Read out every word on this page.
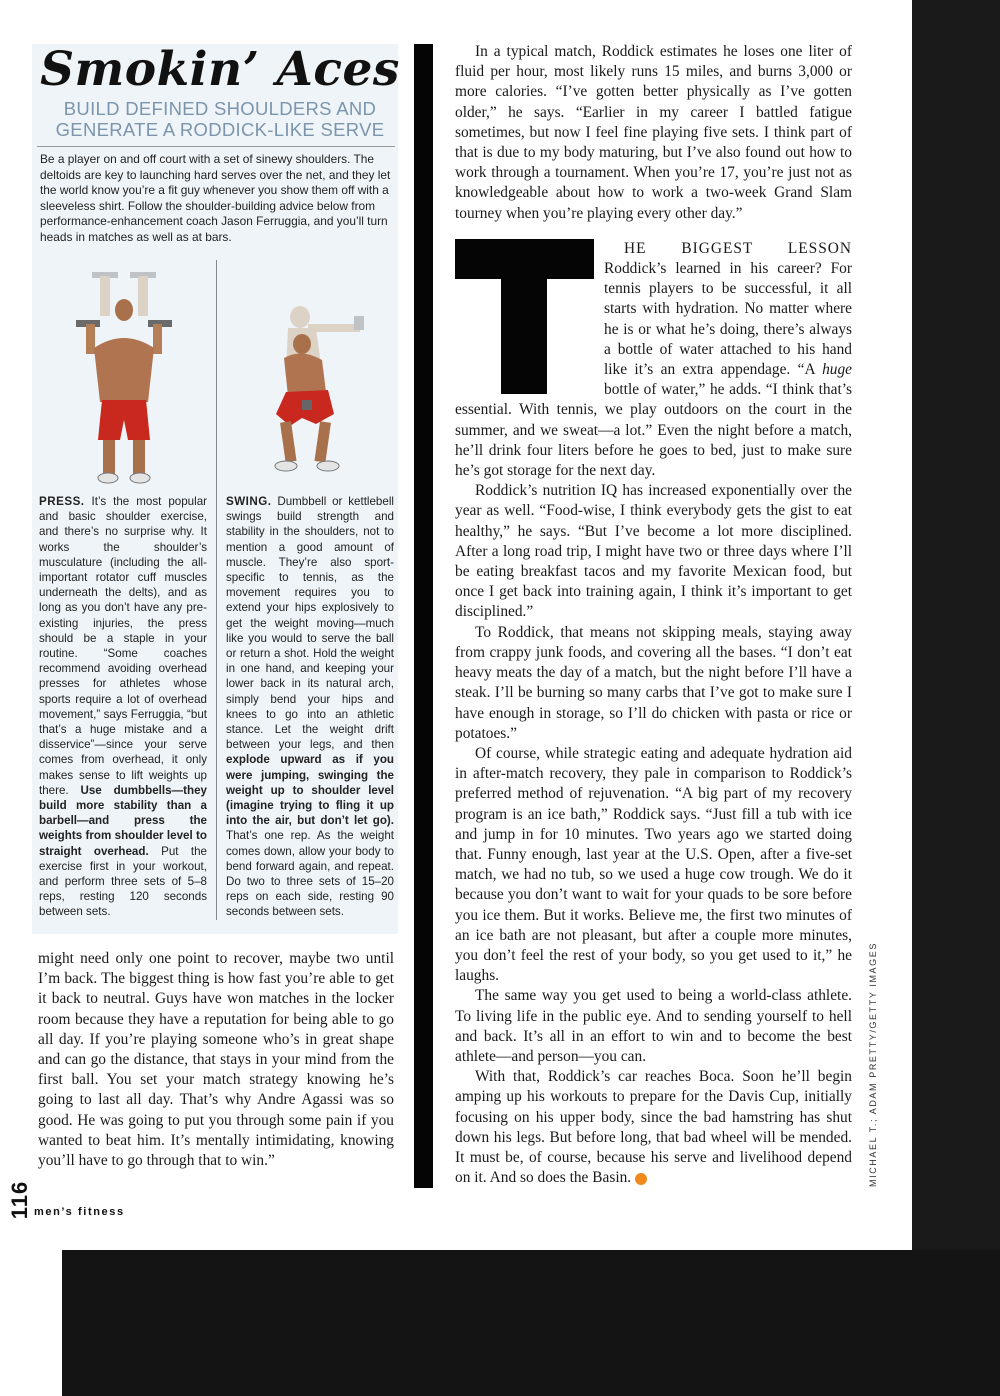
Smokin’ Aces
BUILD DEFINED SHOULDERS AND
GENERATE A RODDICK-LIKE SERVE
Be a player on and off court with a set of sinewy shoulders. The deltoids are key to launching hard serves over the net, and they let the world know you’re a fit guy whenever you show them off with a sleeveless shirt. Follow the shoulder-building advice below from performance-enhancement coach Jason Ferruggia, and you’ll turn heads in matches as well as at bars.
PRESS. It’s the most popular and basic shoulder exercise, and there’s no surprise why. It works the shoulder’s musculature (including the all-important rotator cuff muscles underneath the delts), and as long as you don’t have any pre-existing injuries, the press should be a staple in your routine. “Some coaches recommend avoiding overhead presses for athletes whose sports require a lot of overhead movement,” says Ferruggia, “but that’s a huge mistake and a disservice”—since your serve comes from overhead, it only makes sense to lift weights up there. Use dumbbells—they build more stability than a barbell—and press the weights from shoulder level to straight overhead. Put the exercise first in your workout, and perform three sets of 5–8 reps, resting 120 seconds between sets.
SWING. Dumbbell or kettlebell swings build strength and stability in the shoulders, not to mention a good amount of muscle. They’re also sport-specific to tennis, as the movement requires you to extend your hips explosively to get the weight moving—much like you would to serve the ball or return a shot. Hold the weight in one hand, and keeping your lower back in its natural arch, simply bend your hips and knees to go into an athletic stance. Let the weight drift between your legs, and then explode upward as if you were jumping, swinging the weight up to shoulder level (imagine trying to fling it up into the air, but don’t let go). That’s one rep. As the weight comes down, allow your body to bend forward again, and repeat. Do two to three sets of 15–20 reps on each side, resting 90 seconds between sets.

might need only one point to recover, maybe two until I’m back. The biggest thing is how fast you’re able to get it back to neutral. Guys have won matches in the locker room because they have a reputation for being able to go all day. If you’re playing someone who’s in great shape and can go the distance, that stays in your mind from the first ball. You set your match strategy knowing he’s going to last all day. That’s why Andre Agassi was so good. He was going to put you through some pain if you wanted to beat him. It’s mentally intimidating, knowing you’ll have to go through that to win.”

In a typical match, Roddick estimates he loses one liter of fluid per hour, most likely runs 15 miles, and burns 3,000 or more calories. “I’ve gotten better physically as I’ve gotten older,” he says. “Earlier in my career I battled fatigue sometimes, but now I feel fine playing five sets. I think part of that is due to my body maturing, but I’ve also found out how to work through a tournament. When you’re 17, you’re just not as knowledgeable about how to work a two-week Grand Slam tourney when you’re playing every other day.”

HE BIGGEST LESSON Roddick’s learned in his career? For tennis players to be successful, it all starts with hydration. No matter where he is or what he’s doing, there’s always a bottle of water attached to his hand like it’s an extra appendage. “A huge bottle of water,” he adds. “I think that’s essential. With tennis, we play outdoors on the court in the summer, and we sweat—a lot.” Even the night before a match, he’ll drink four liters before he goes to bed, just to make sure he’s got storage for the next day.

Roddick’s nutrition IQ has increased exponentially over the year as well. “Food-wise, I think everybody gets the gist to eat healthy,” he says. “But I’ve become a lot more disciplined. After a long road trip, I might have two or three days where I’ll be eating breakfast tacos and my favorite Mexican food, but once I get back into training again, I think it’s important to get disciplined.”

To Roddick, that means not skipping meals, staying away from crappy junk foods, and covering all the bases. “I don’t eat heavy meats the day of a match, but the night before I’ll have a steak. I’ll be burning so many carbs that I’ve got to make sure I have enough in storage, so I’ll do chicken with pasta or rice or potatoes.”

Of course, while strategic eating and adequate hydration aid in after-match recovery, they pale in comparison to Roddick’s preferred method of rejuvenation. “A big part of my recovery program is an ice bath,” Roddick says. “Just fill a tub with ice and jump in for 10 minutes. Two years ago we started doing that. Funny enough, last year at the U.S. Open, after a five-set match, we had no tub, so we used a huge cow trough. We do it because you don’t want to wait for your quads to be sore before you ice them. But it works. Believe me, the first two minutes of an ice bath are not pleasant, but after a couple more minutes, you don’t feel the rest of your body, so you get used to it,” he laughs.

The same way you get used to being a world-class athlete. To living life in the public eye. And to sending yourself to hell and back. It’s all in an effort to win and to become the best athlete—and person—you can.

With that, Roddick’s car reaches Boca. Soon he’ll begin amping up his workouts to prepare for the Davis Cup, initially focusing on his upper body, since the bad hamstring has shut down his legs. But before long, that bad wheel will be mended. It must be, of course, because his serve and livelihood depend on it. And so does the Basin.	MF	MICHAEL T.; ADAM PRETTY/GETTY IMAGES
116 men’s fitness
